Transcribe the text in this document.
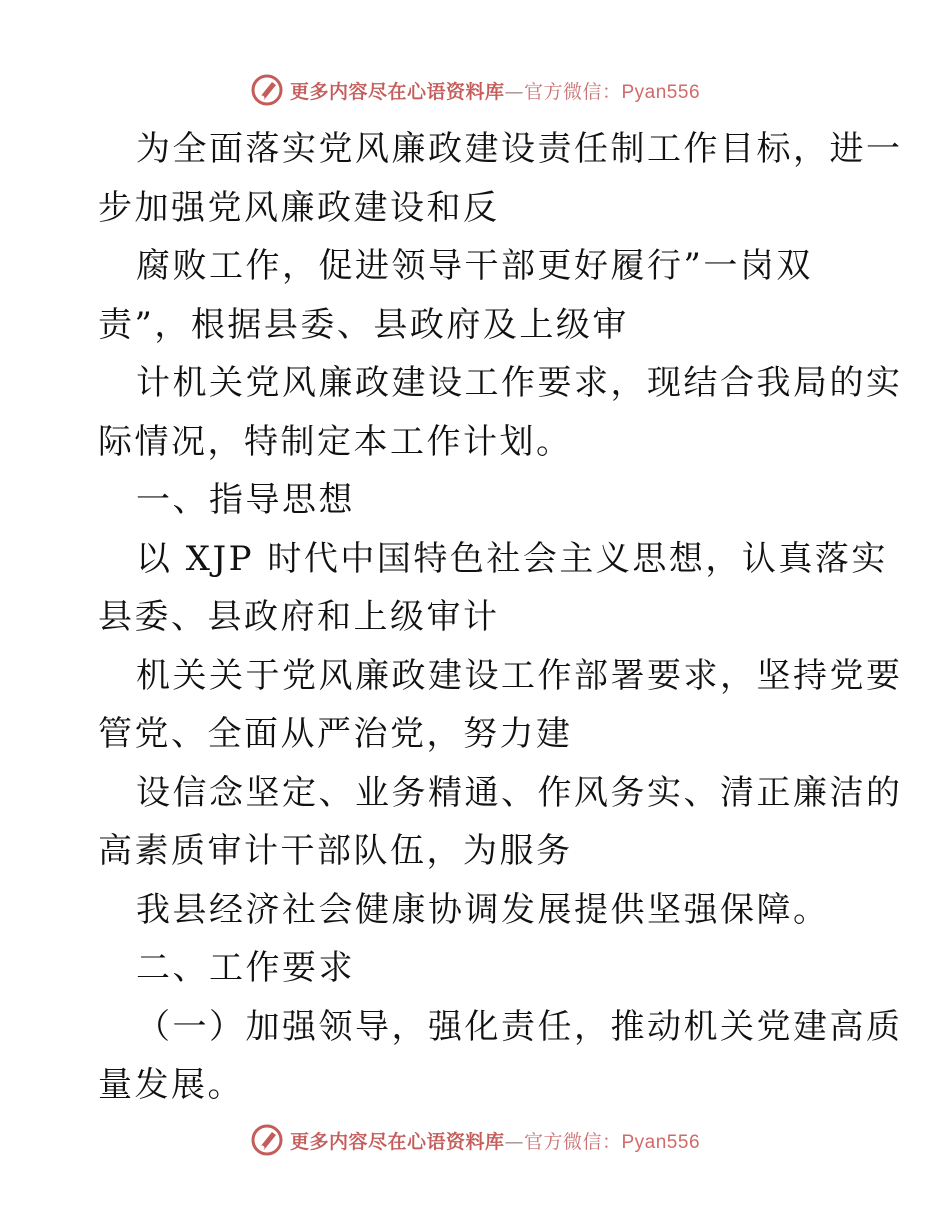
更多内容尽在心语资料库—官方微信：Pyan556
为全面落实党风廉政建设责任制工作目标，进一
步加强党风廉政建设和反
腐败工作，促进领导干部更好履行”一岗双
责”，根据县委、县政府及上级审
计机关党风廉政建设工作要求，现结合我局的实
际情况，特制定本工作计划。
一、指导思想
以 XJP 时代中国特色社会主义思想，认真落实
县委、县政府和上级审计
机关关于党风廉政建设工作部署要求，坚持党要
管党、全面从严治党，努力建
设信念坚定、业务精通、作风务实、清正廉洁的
高素质审计干部队伍，为服务
我县经济社会健康协调发展提供坚强保障。
二、工作要求
（一）加强领导，强化责任，推动机关党建高质
量发展。
更多内容尽在心语资料库—官方微信：Pyan556
